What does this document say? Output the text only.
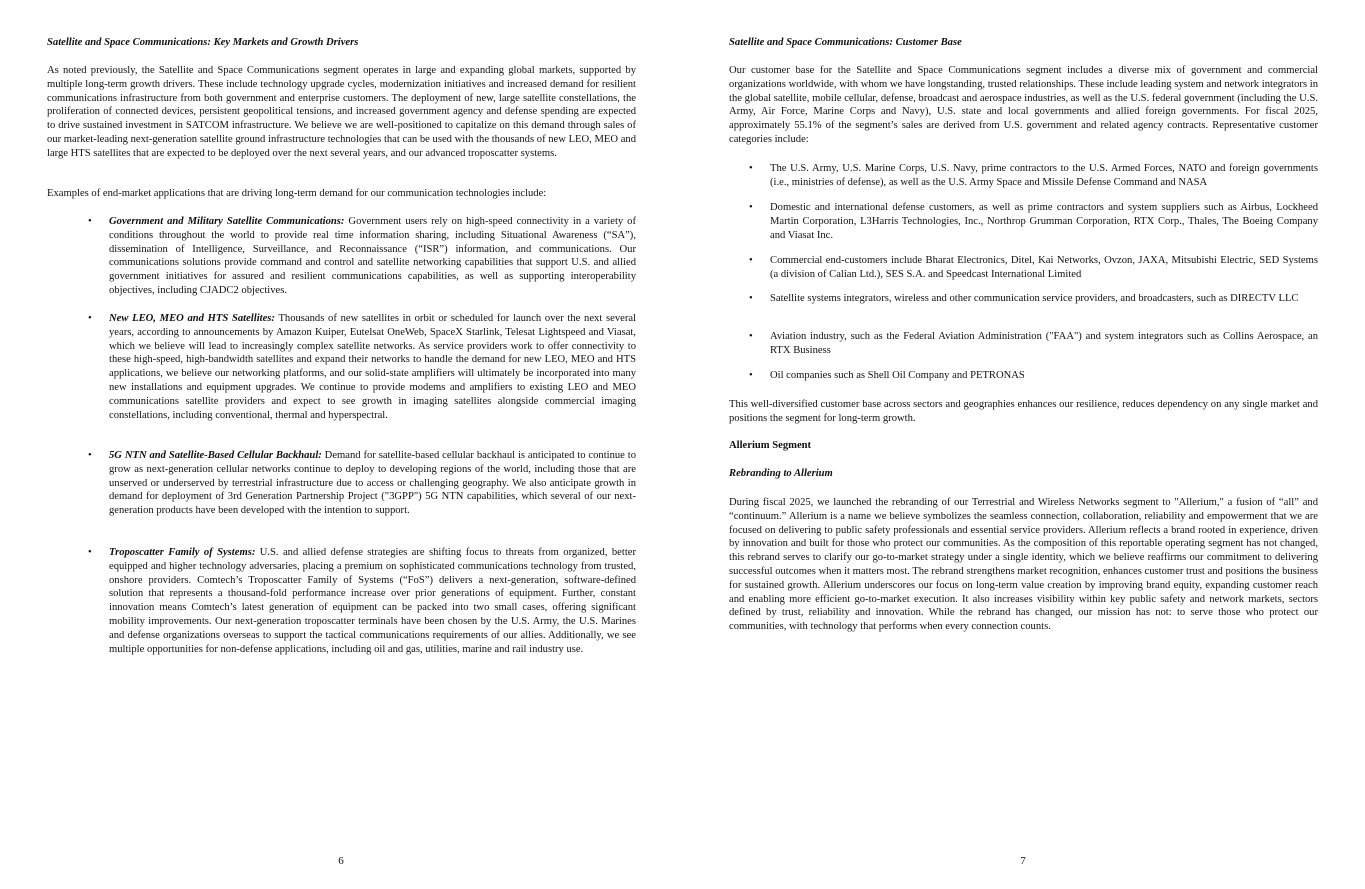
Satellite and Space Communications: Key Markets and Growth Drivers

As noted previously, the Satellite and Space Communications segment operates in large and expanding global markets, supported by multiple long-term growth drivers. These include technology upgrade cycles, modernization initiatives and increased demand for resilient communications infrastructure from both government and enterprise customers. The deployment of new, large satellite constellations, the proliferation of connected devices, persistent geopolitical tensions, and increased government agency and defense spending are expected to drive sustained investment in SATCOM infrastructure. We believe we are well-positioned to capitalize on this demand through sales of our market-leading next-generation satellite ground infrastructure technologies that can be used with the thousands of new LEO, MEO and large HTS satellites that are expected to be deployed over the next several years, and our advanced troposcatter systems.

Examples of end-market applications that are driving long-term demand for our communication technologies include:

• Government and Military Satellite Communications: Government users rely on high-speed connectivity in a variety of conditions throughout the world to provide real time information sharing, including Situational Awareness (“SA”), dissemination of Intelligence, Surveillance, and Reconnaissance (“ISR”) information, and communications. Our communications solutions provide command and control and satellite networking capabilities that support U.S. and allied government initiatives for assured and resilient communications capabilities, as well as supporting interoperability objectives, including CJADC2 objectives.

• New LEO, MEO and HTS Satellites: Thousands of new satellites in orbit or scheduled for launch over the next several years, according to announcements by Amazon Kuiper, Eutelsat OneWeb, SpaceX Starlink, Telesat Lightspeed and Viasat, which we believe will lead to increasingly complex satellite networks. As service providers work to offer connectivity to these high-speed, high-bandwidth satellites and expand their networks to handle the demand for new LEO, MEO and HTS applications, we believe our networking platforms, and our solid-state amplifiers will ultimately be incorporated into many new installations and equipment upgrades. We continue to provide modems and amplifiers to existing LEO and MEO communications satellite providers and expect to see growth in imaging satellites alongside commercial imaging constellations, including conventional, thermal and hyperspectral.

• 5G NTN and Satellite-Based Cellular Backhaul: Demand for satellite-based cellular backhaul is anticipated to continue to grow as next-generation cellular networks continue to deploy to developing regions of the world, including those that are unserved or underserved by terrestrial infrastructure due to access or challenging geography. We also anticipate growth in demand for deployment of 3rd Generation Partnership Project ("3GPP") 5G NTN capabilities, which several of our next-generation products have been developed with the intention to support.

• Troposcatter Family of Systems: U.S. and allied defense strategies are shifting focus to threats from organized, better equipped and higher technology adversaries, placing a premium on sophisticated communications technology from trusted, onshore providers. Comtech’s Troposcatter Family of Systems (“FoS”) delivers a next-generation, software-defined solution that represents a thousand-fold performance increase over prior generations of equipment. Further, constant innovation means Comtech’s latest generation of equipment can be packed into two small cases, offering significant mobility improvements. Our next-generation troposcatter terminals have been chosen by the U.S. Army, the U.S. Marines and defense organizations overseas to support the tactical communications requirements of our allies. Additionally, we see multiple opportunities for non-defense applications, including oil and gas, utilities, marine and rail industry use.

6
Satellite and Space Communications: Customer Base

Our customer base for the Satellite and Space Communications segment includes a diverse mix of government and commercial organizations worldwide, with whom we have longstanding, trusted relationships. These include leading system and network integrators in the global satellite, mobile cellular, defense, broadcast and aerospace industries, as well as the U.S. federal government (including the U.S. Army, Air Force, Marine Corps and Navy), U.S. state and local governments and allied foreign governments. For fiscal 2025, approximately 55.1% of the segment’s sales are derived from U.S. government and related agency contracts. Representative customer categories include:

• The U.S. Army, U.S. Marine Corps, U.S. Navy, prime contractors to the U.S. Armed Forces, NATO and foreign governments (i.e., ministries of defense), as well as the U.S. Army Space and Missile Defense Command and NASA

• Domestic and international defense customers, as well as prime contractors and system suppliers such as Airbus, Lockheed Martin Corporation, L3Harris Technologies, Inc., Northrop Grumman Corporation, RTX Corp., Thales, The Boeing Company and Viasat Inc.

• Commercial end-customers include Bharat Electronics, Ditel, Kai Networks, Ovzon, JAXA, Mitsubishi Electric, SED Systems (a division of Calian Ltd.), SES S.A. and Speedcast International Limited

• Satellite systems integrators, wireless and other communication service providers, and broadcasters, such as DIRECTV LLC

• Aviation industry, such as the Federal Aviation Administration ("FAA") and system integrators such as Collins Aerospace, an RTX Business

• Oil companies such as Shell Oil Company and PETRONAS

This well-diversified customer base across sectors and geographies enhances our resilience, reduces dependency on any single market and positions the segment for long-term growth.

Allerium Segment
Rebranding to Allerium

During fiscal 2025, we launched the rebranding of our Terrestrial and Wireless Networks segment to "Allerium," a fusion of “all” and “continuum.” Allerium is a name we believe symbolizes the seamless connection, collaboration, reliability and empowerment that we are focused on delivering to public safety professionals and essential service providers. Allerium reflects a brand rooted in experience, driven by innovation and built for those who protect our communities. As the composition of this reportable operating segment has not changed, this rebrand serves to clarify our go-to-market strategy under a single identity, which we believe reaffirms our commitment to delivering successful outcomes when it matters most. The rebrand strengthens market recognition, enhances customer trust and positions the business for sustained growth. Allerium underscores our focus on long-term value creation by improving brand equity, expanding customer reach and enabling more efficient go-to-market execution. It also increases visibility within key public safety and network markets, sectors defined by trust, reliability and innovation. While the rebrand has changed, our mission has not: to serve those who protect our communities, with technology that performs when every connection counts.

7
